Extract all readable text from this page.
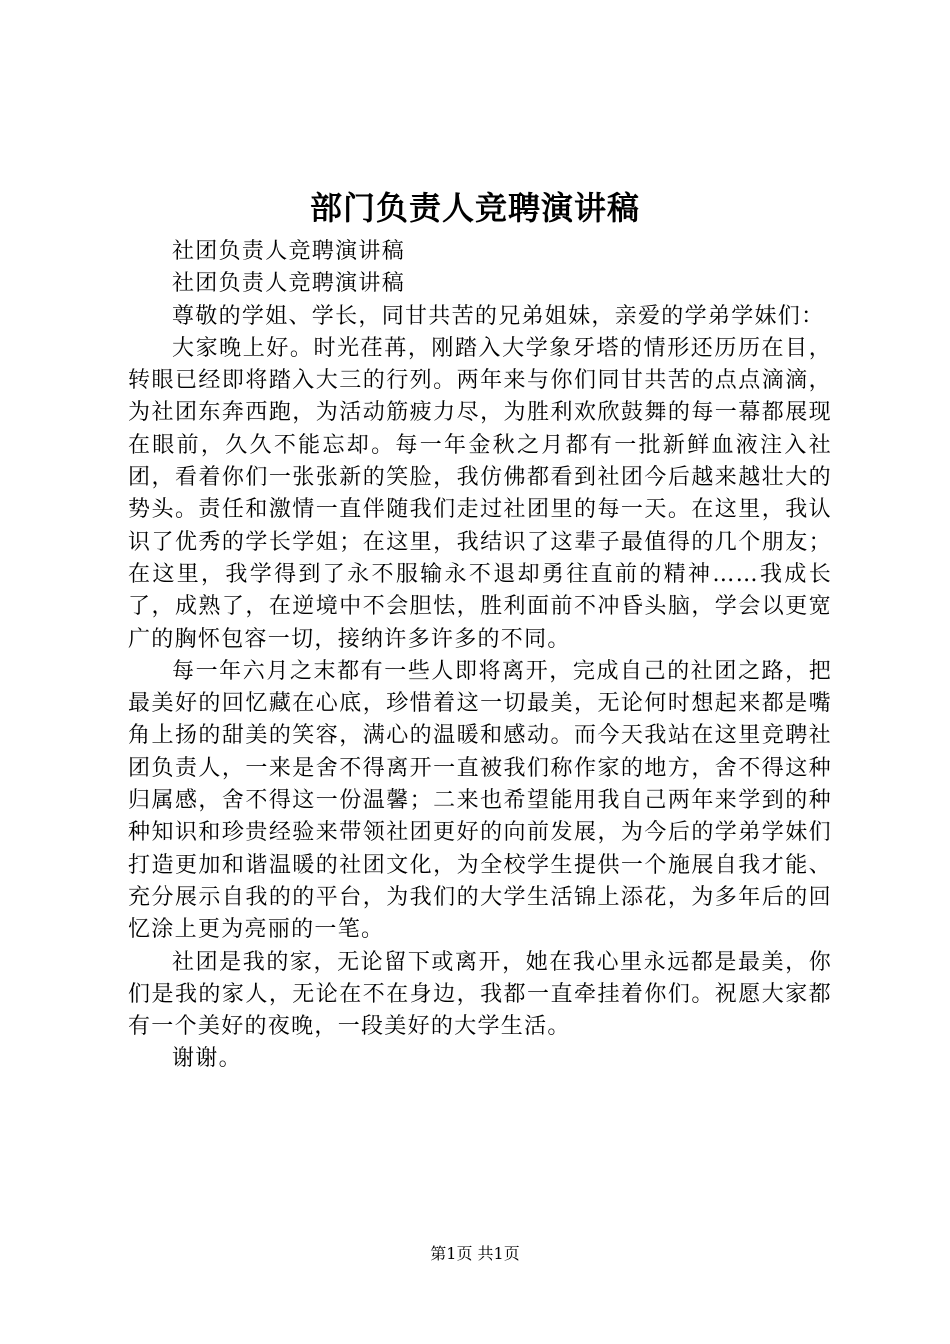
部门负责人竞聘演讲稿

社团负责人竞聘演讲稿

社团负责人竞聘演讲稿

尊敬的学姐、学长，同甘共苦的兄弟姐妹，亲爱的学弟学妹们：

大家晚上好。时光荏苒，刚踏入大学象牙塔的情形还历历在目，转眼已经即将踏入大三的行列。两年来与你们同甘共苦的点点滴滴，为社团东奔西跑，为活动筋疲力尽，为胜利欢欣鼓舞的每一幕都展现在眼前，久久不能忘却。每一年金秋之月都有一批新鲜血液注入社团，看着你们一张张新的笑脸，我仿佛都看到社团今后越来越壮大的势头。责任和激情一直伴随我们走过社团里的每一天。在这里，我认识了优秀的学长学姐；在这里，我结识了这辈子最值得的几个朋友；在这里，我学得到了永不服输永不退却勇往直前的精神……我成长了，成熟了，在逆境中不会胆怯，胜利面前不冲昏头脑，学会以更宽广的胸怀包容一切，接纳许多许多的不同。

每一年六月之末都有一些人即将离开，完成自己的社团之路，把最美好的回忆藏在心底，珍惜着这一切最美，无论何时想起来都是嘴角上扬的甜美的笑容，满心的温暖和感动。而今天我站在这里竞聘社团负责人，一来是舍不得离开一直被我们称作家的地方，舍不得这种归属感，舍不得这一份温馨；二来也希望能用我自己两年来学到的种种知识和珍贵经验来带领社团更好的向前发展，为今后的学弟学妹们打造更加和谐温暖的社团文化，为全校学生提供一个施展自我才能、充分展示自我的的平台，为我们的大学生活锦上添花，为多年后的回忆涂上更为亮丽的一笔。

社团是我的家，无论留下或离开，她在我心里永远都是最美，你们是我的家人，无论在不在身边，我都一直牵挂着你们。祝愿大家都有一个美好的夜晚，一段美好的大学生活。

谢谢。

第1页 共1页
